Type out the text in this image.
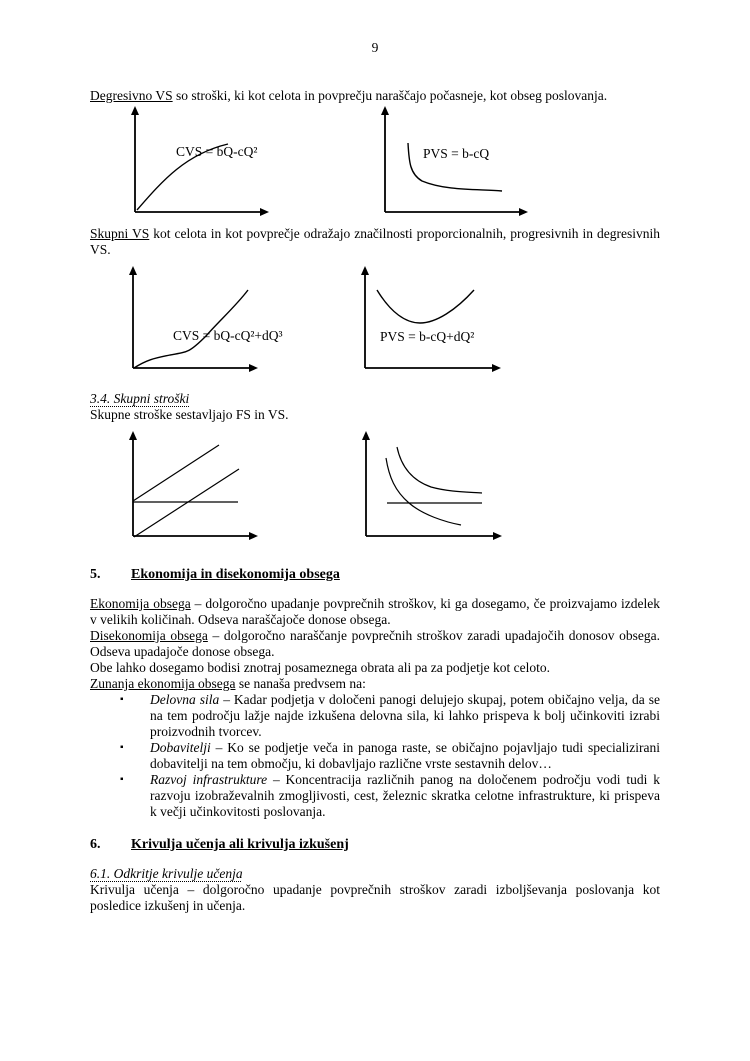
9

Degresivno VS so stroški, ki kot celota in povprečju naraščajo počasneje, kot obseg poslovanja.

CVS = bQ-cQ²	PVS = b-cQ

Skupni VS kot celota in kot povprečje odražajo značilnosti proporcionalnih, progresivnih in degresivnih VS.

CVS = bQ-cQ²+dQ³	PVS = b-cQ+dQ²

3.4. Skupni stroški

Skupne stroške sestavljajo FS in VS.

5. Ekonomija in disekonomija obsega

Ekonomija obsega – dolgoročno upadanje povprečnih stroškov, ki ga dosegamo, če proizvajamo izdelek v velikih količinah. Odseva naraščajoče donose obsega.

Disekonomija obsega – dolgoročno naraščanje povprečnih stroškov zaradi upadajočih donosov obsega. Odseva upadajoče donose obsega.

Obe lahko dosegamo bodisi znotraj posameznega obrata ali pa za podjetje kot celoto.

Zunanja ekonomija obsega se nanaša predvsem na:

▪ Delovna sila – Kadar podjetja v določeni panogi delujejo skupaj, potem običajno velja, da se na tem področju lažje najde izkušena delovna sila, ki lahko prispeva k bolj učinkoviti izrabi proizvodnih tvorcev.

▪ Dobavitelji – Ko se podjetje veča in panoga raste, se običajno pojavljajo tudi specializirani dobavitelji na tem območju, ki dobavljajo različne vrste sestavnih delov…

▪ Razvoj infrastrukture – Koncentracija različnih panog na določenem področju vodi tudi k razvoju izobraževalnih zmogljivosti, cest, železnic skratka celotne infrastrukture, ki prispeva k večji učinkovitosti poslovanja.

6. Krivulja učenja ali krivulja izkušenj

6.1. Odkritje krivulje učenja

Krivulja učenja – dolgoročno upadanje povprečnih stroškov zaradi izboljševanja poslovanja kot posledice izkušenj in učenja.
